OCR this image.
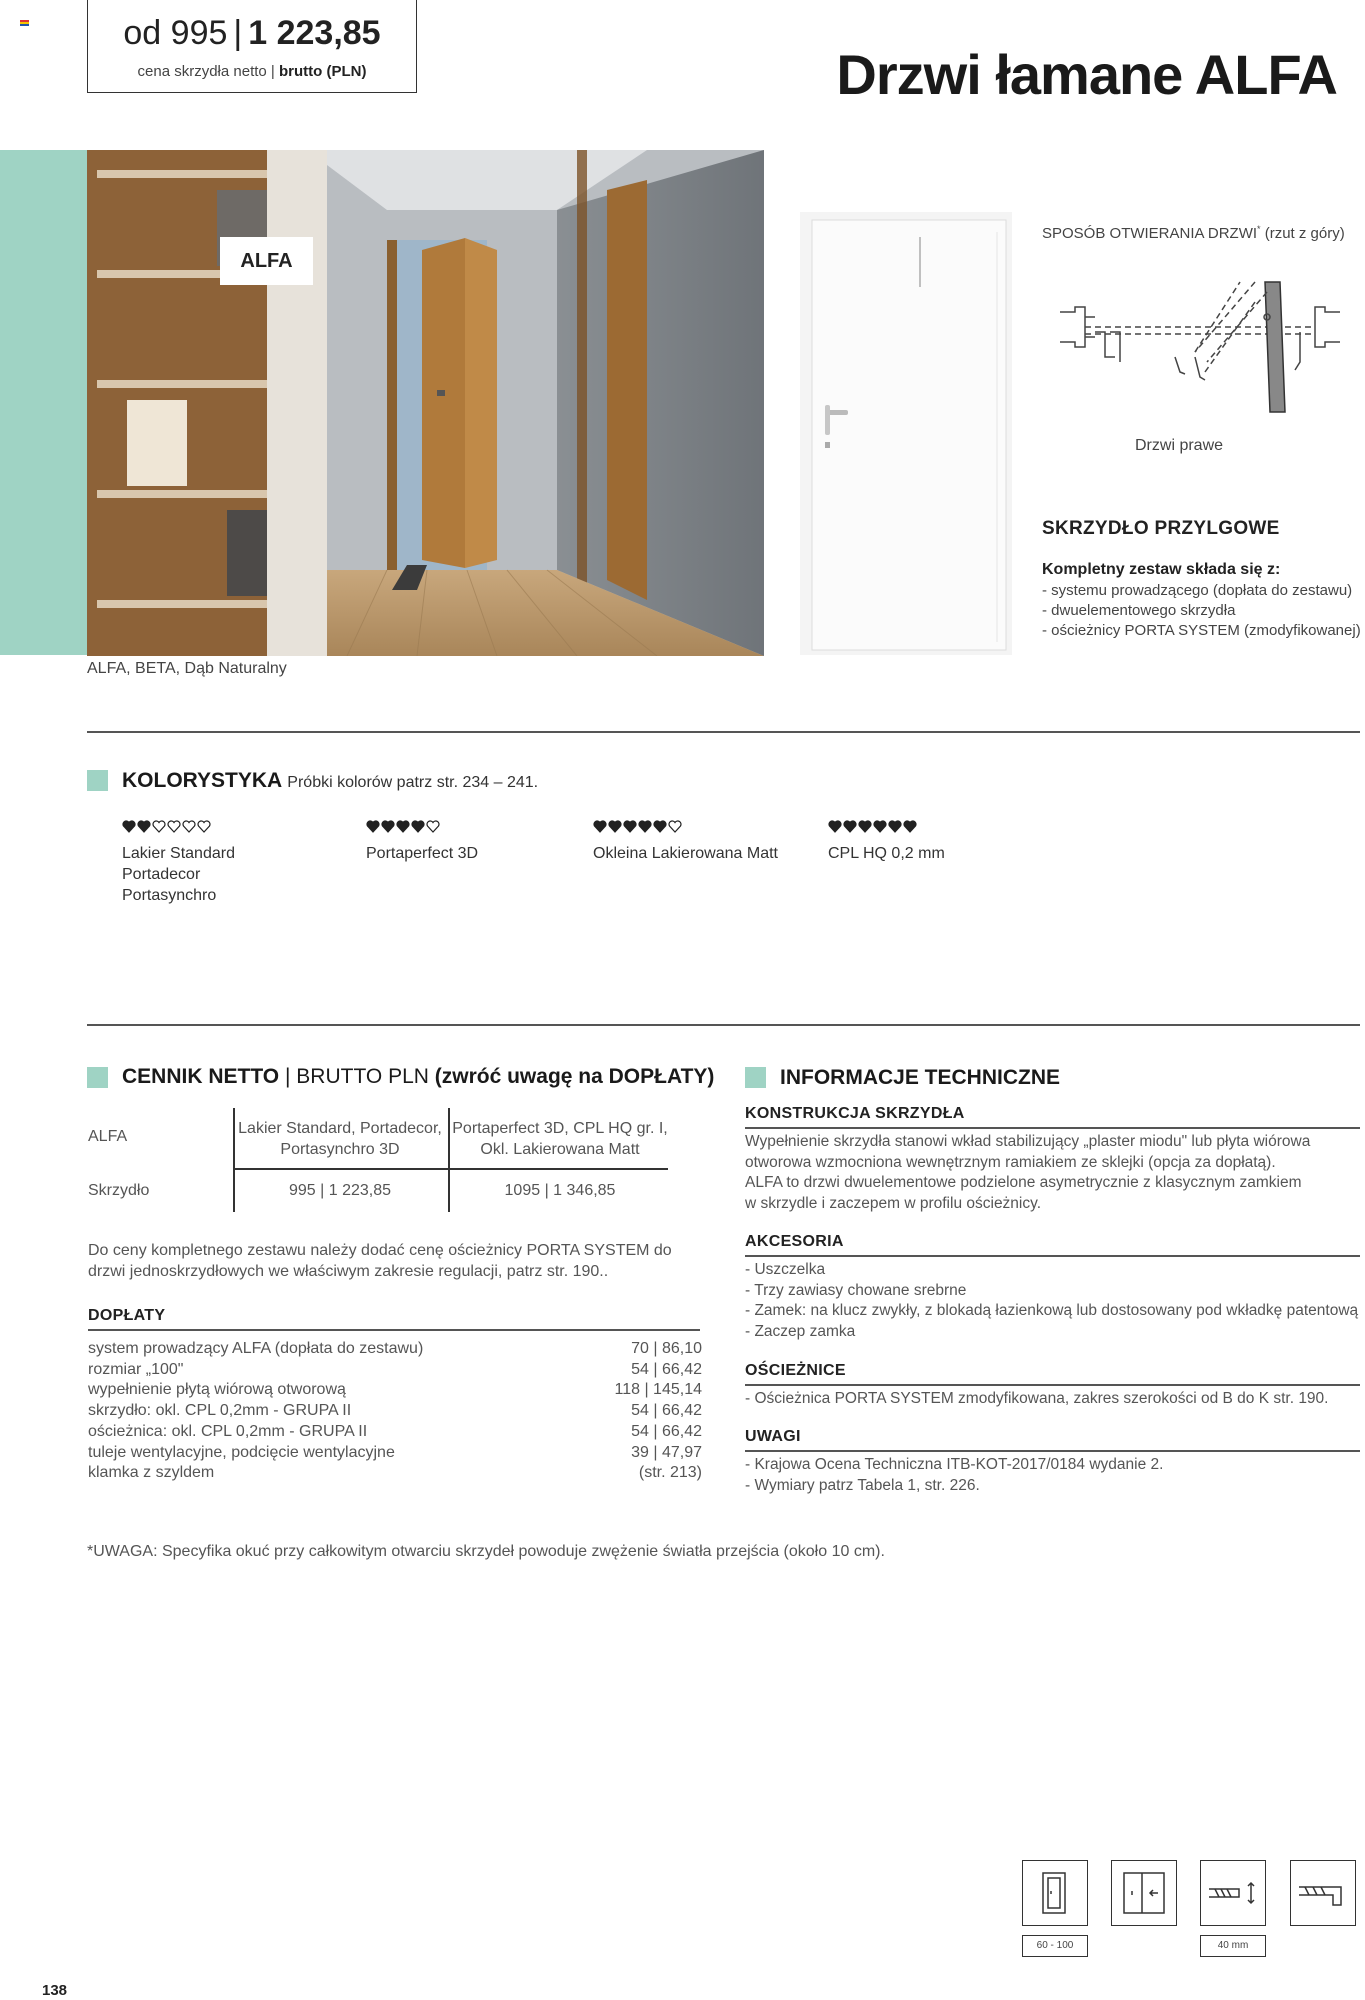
od 995 | 1 223,85
cena skrzydła netto | brutto (PLN)	Drzwi łamane ALFA
ALFA
ALFA, BETA, Dąb Naturalny
SPOSÓB OTWIERANIA DRZWI* (rzut z góry)
Drzwi prawe
SKRZYDŁO PRZYLGOWE
Kompletny zestaw składa się z:
- systemu prowadzącego (dopłata do zestawu)
- dwuelementowego skrzydła
- ościeżnicy PORTA SYSTEM (zmodyfikowanej)
KOLORYSTYKA Próbki kolorów patrz str. 234 – 241.
Lakier Standard
Portadecor
Portasynchro
Portaperfect 3D	Okleina Lakierowana Matt	CPL HQ 0,2 mm
CENNIK NETTO | BRUTTO PLN (zwróć uwagę na DOPŁATY)
ALFA	Lakier Standard, Portadecor,
Portasynchro 3D
Portaperfect 3D, CPL HQ gr. I,
Okl. Lakierowana Matt
Skrzydło	995 | 1 223,85	1095 | 1 346,85
Do ceny kompletnego zestawu należy dodać cenę ościeżnicy PORTA SYSTEM do
drzwi jednoskrzydłowych we właściwym zakresie regulacji, patrz str. 190..
DOPŁATY
system prowadzący ALFA (dopłata do zestawu)	70 | 86,10
rozmiar „100"	54 | 66,42
wypełnienie płytą wiórową otworową	118 | 145,14
skrzydło: okl. CPL 0,2mm - GRUPA II	54 | 66,42
ościeżnica: okl. CPL 0,2mm - GRUPA II	54 | 66,42
tuleje wentylacyjne, podcięcie wentylacyjne	39 | 47,97
klamka z szyldem	(str. 213)
INFORMACJE TECHNICZNE
KONSTRUKCJA SKRZYDŁA
Wypełnienie skrzydła stanowi wkład stabilizujący „plaster miodu" lub płyta wiórowa
otworowa wzmocniona wewnętrznym ramiakiem ze sklejki (opcja za dopłatą).
ALFA to drzwi dwuelementowe podzielone asymetrycznie z klasycznym zamkiem
w skrzydle i zaczepem w profilu ościeżnicy.
AKCESORIA
- Uszczelka
- Trzy zawiasy chowane srebrne
- Zamek: na klucz zwykły, z blokadą łazienkową lub dostosowany pod wkładkę patentową
- Zaczep zamka
OŚCIEŻNICE
- Ościeżnica PORTA SYSTEM zmodyfikowana, zakres szerokości od B do K str. 190.
UWAGI
- Krajowa Ocena Techniczna ITB-KOT-2017/0184 wydanie 2.
- Wymiary patrz Tabela 1, str. 226.
*UWAGA: Specyfika okuć przy całkowitym otwarciu skrzydeł powoduje zwężenie światła przejścia (około 10 cm).
60 - 100	40 mm
138
